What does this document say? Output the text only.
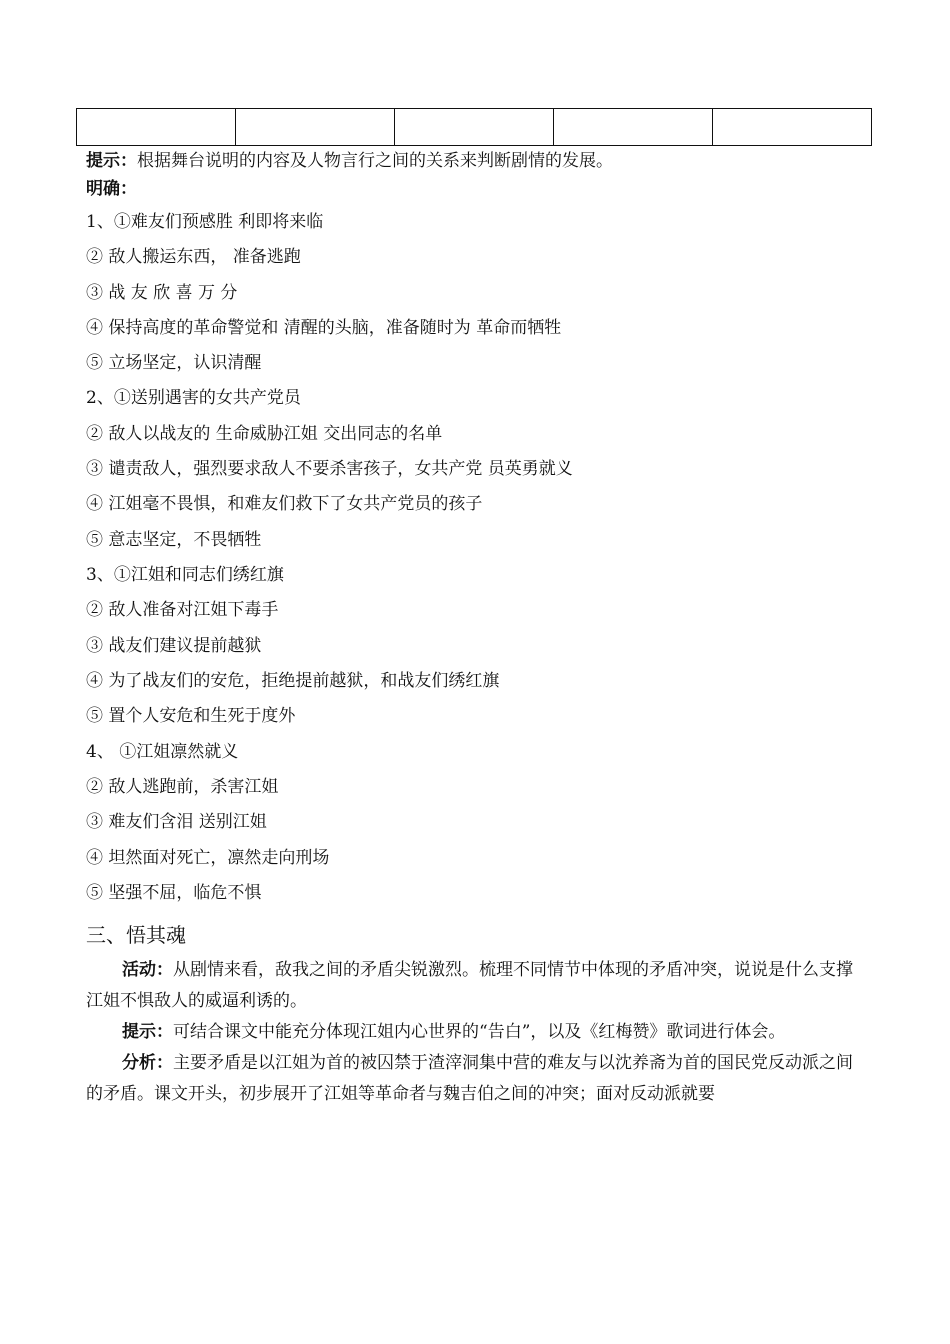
提示：根据舞台说明的内容及人物言行之间的关系来判断剧情的发展。
明确：
1、①难友们预感胜 利即将来临
② 敌人搬运东西， 准备逃跑
③ 战 友 欣 喜 万 分
④ 保持高度的革命警觉和 清醒的头脑，准备随时为 革命而牺牲
⑤ 立场坚定，认识清醒
2、①送别遇害的女共产党员
② 敌人以战友的 生命威胁江姐 交出同志的名单
③ 谴责敌人，强烈要求敌人不要杀害孩子，女共产党 员英勇就义
④ 江姐毫不畏惧，和难友们救下了女共产党员的孩子
⑤ 意志坚定，不畏牺牲
3、①江姐和同志们绣红旗
② 敌人准备对江姐下毒手
③ 战友们建议提前越狱
④ 为了战友们的安危，拒绝提前越狱，和战友们绣红旗
⑤ 置个人安危和生死于度外
4、 ①江姐凛然就义
② 敌人逃跑前，杀害江姐
③ 难友们含泪 送别江姐
④ 坦然面对死亡，凛然走向刑场
⑤ 坚强不屈，临危不惧
三、悟其魂
活动：从剧情来看，敌我之间的矛盾尖锐激烈。梳理不同情节中体现的矛盾冲突，说说是什么支撑江姐不惧敌人的威逼利诱的。
提示：可结合课文中能充分体现江姐内心世界的“告白”，以及《红梅赞》歌词进行体会。
分析：主要矛盾是以江姐为首的被囚禁于渣滓洞集中营的难友与以沈养斋为首的国民党反动派之间的矛盾。课文开头，初步展开了江姐等革命者与魏吉伯之间的冲突；面对反动派就要
